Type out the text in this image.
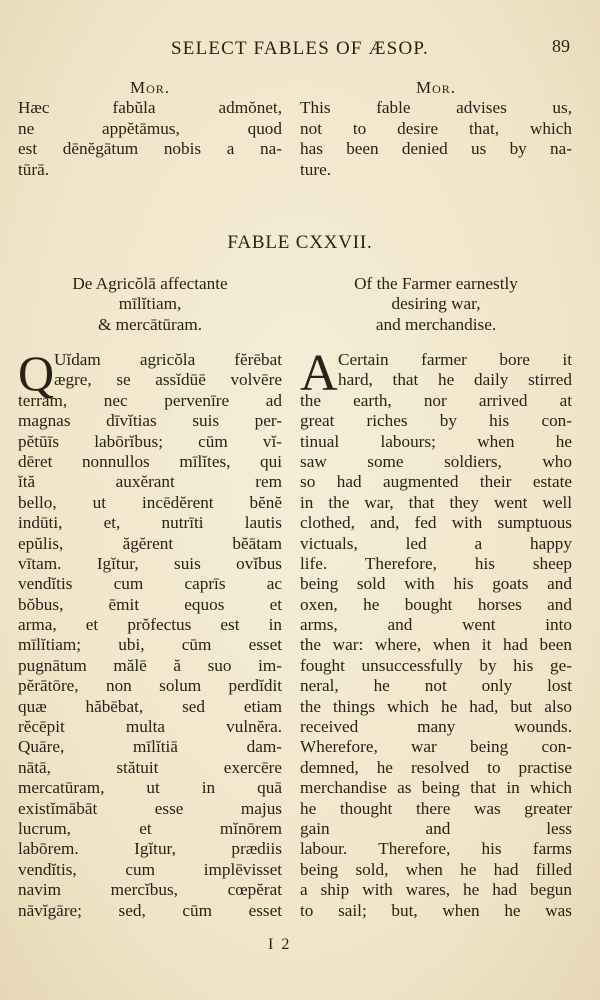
SELECT FABLES OF ÆSOP.	89
Mor.
Hæc fabŭla admŏnet,
ne appĕtāmus, quod
est dēnĕgātum nobis a na-
tūrā.
Mor.
This fable advises us,
not to desire that, which
has been denied us by na-
ture.
FABLE CXXVII.
De Agricŏlā affectante
mīlĭtiam,
& mercātūram.
Of the Farmer earnestly
desiring war,
and merchandise.
Q Uĭdam agricŏla fĕrēbat
ægre, se assĭdūē volvēre
terram, nec pervenīre ad
magnas dīvĭtias suis per-
pĕtūīs labōrĭbus; cūm vĭ-
dēret nonnullos mīlĭtes, qui
ĭtă auxĕrant rem
bello, ut incēdĕrent bĕnĕ
indūti, et, nutrīti lautis
epŭlis, ăgĕrent bĕātam
vītam. Igĭtur, suis ovĭbus
vendĭtis cum caprīs ac
bŏbus, ēmit equos et
arma, et prŏfectus est in
mīlĭtiam; ubi, cūm esset
pugnātum mălē ă suo im-
pĕrātōre, non solum perdĭdit
quæ hăbēbat, sed etiam
rĕcēpit multa vulnĕra.
Quāre, mīlĭtiā dam-
nātā, stătuit exercēre
mercatūram, ut in quā
existĭmābāt esse majus
lucrum, et mĭnōrem
labōrem. Igĭtur, prædiis
vendĭtis, cum implēvisset
navim mercĭbus, cœpĕrat
nāvĭgāre; sed, cūm esset
A Certain farmer bore it
hard, that he daily stirred
the earth, nor arrived at
great riches by his con-
tinual labours; when he
saw some soldiers, who
so had augmented their estate
in the war, that they went well
clothed, and, fed with sumptuous
victuals, led a happy
life. Therefore, his sheep
being sold with his goats and
oxen, he bought horses and
arms, and went into
the war: where, when it had been
fought unsuccessfully by his ge-
neral, he not only lost
the things which he had, but also
received many wounds.
Wherefore, war being con-
demned, he resolved to practise
merchandise as being that in which
he thought there was greater
gain and less
labour. Therefore, his farms
being sold, when he had filled
a ship with wares, he had begun
to sail; but, when he was
I 2
